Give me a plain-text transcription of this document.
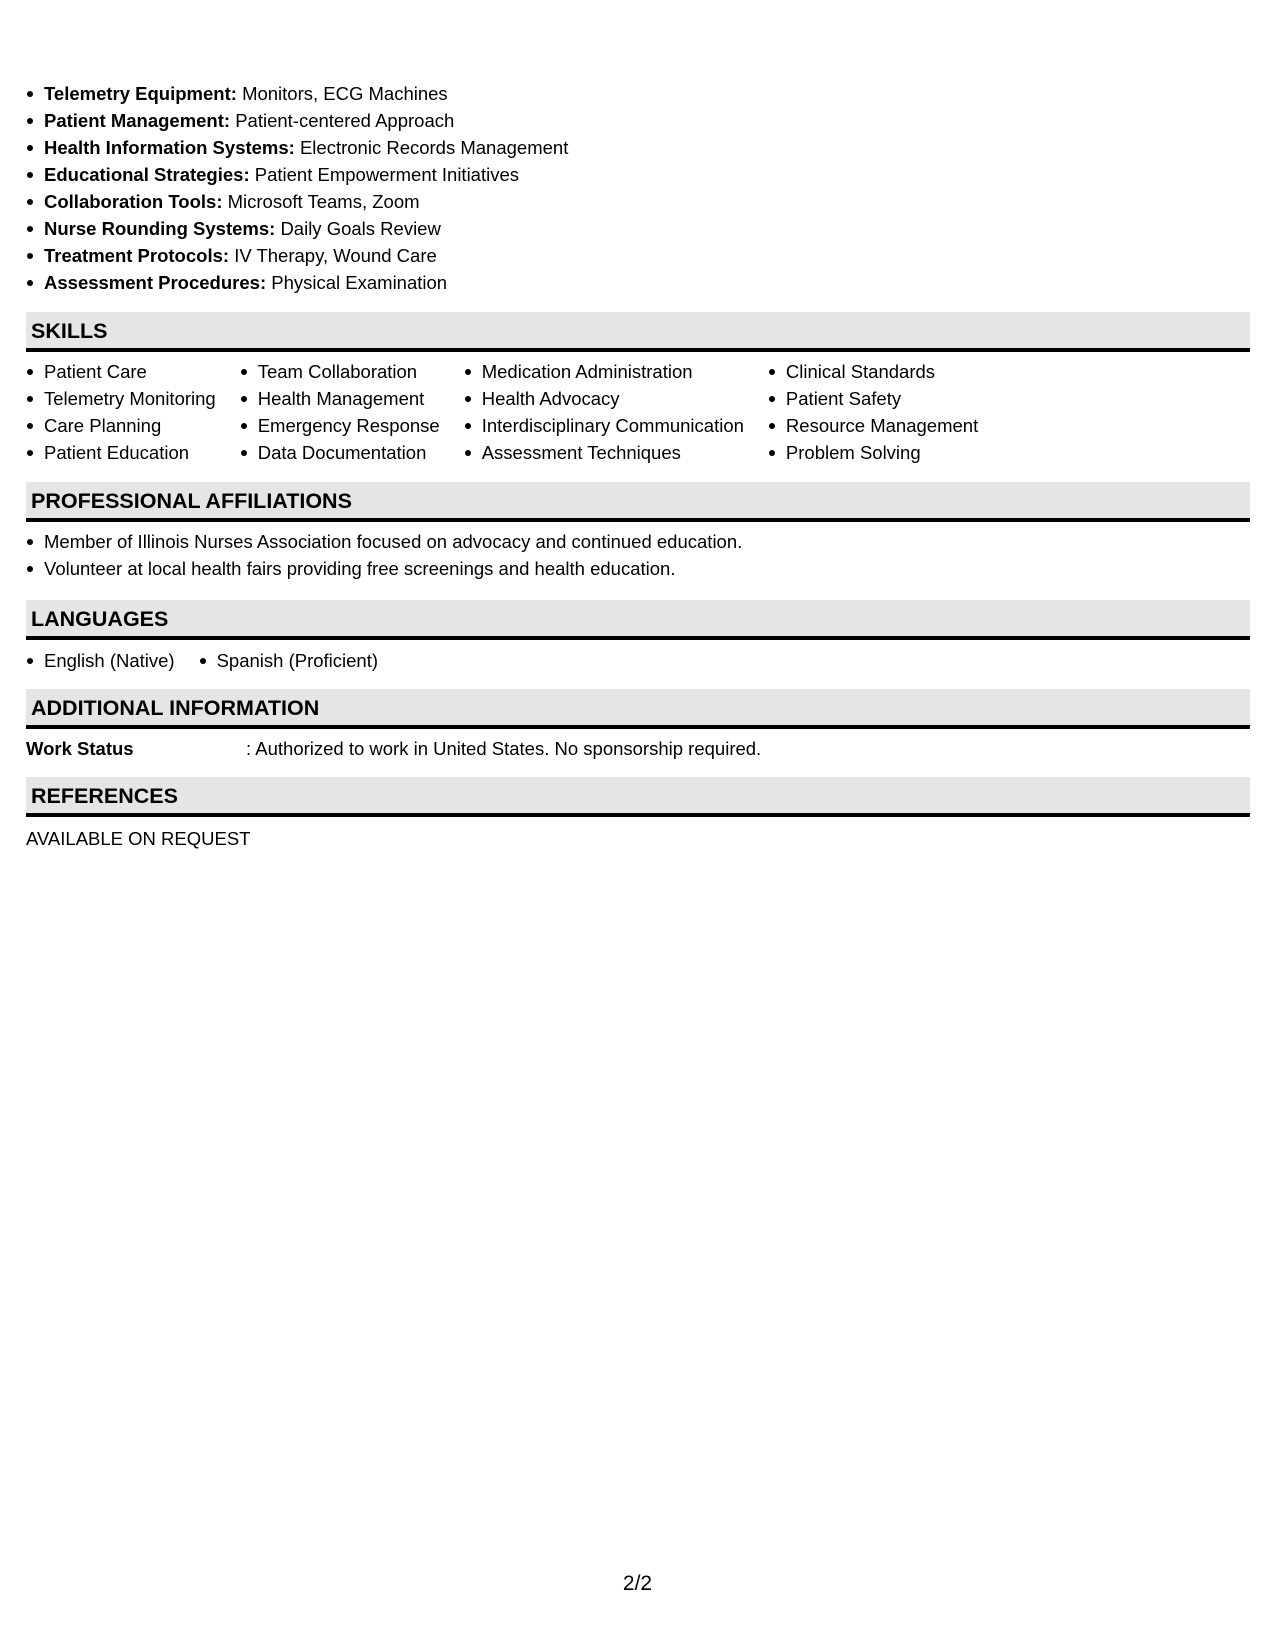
Telemetry Equipment: Monitors, ECG Machines
Patient Management: Patient-centered Approach
Health Information Systems: Electronic Records Management
Educational Strategies: Patient Empowerment Initiatives
Collaboration Tools: Microsoft Teams, Zoom
Nurse Rounding Systems: Daily Goals Review
Treatment Protocols: IV Therapy, Wound Care
Assessment Procedures: Physical Examination
SKILLS
Patient Care
Telemetry Monitoring
Care Planning
Patient Education
Team Collaboration
Health Management
Emergency Response
Data Documentation
Medication Administration
Health Advocacy
Interdisciplinary Communication
Assessment Techniques
Clinical Standards
Patient Safety
Resource Management
Problem Solving
PROFESSIONAL AFFILIATIONS
Member of Illinois Nurses Association focused on advocacy and continued education.
Volunteer at local health fairs providing free screenings and health education.
LANGUAGES
English (Native)	Spanish (Proficient)
ADDITIONAL INFORMATION
Work Status	: Authorized to work in United States. No sponsorship required.
REFERENCES
AVAILABLE ON REQUEST
2/2
